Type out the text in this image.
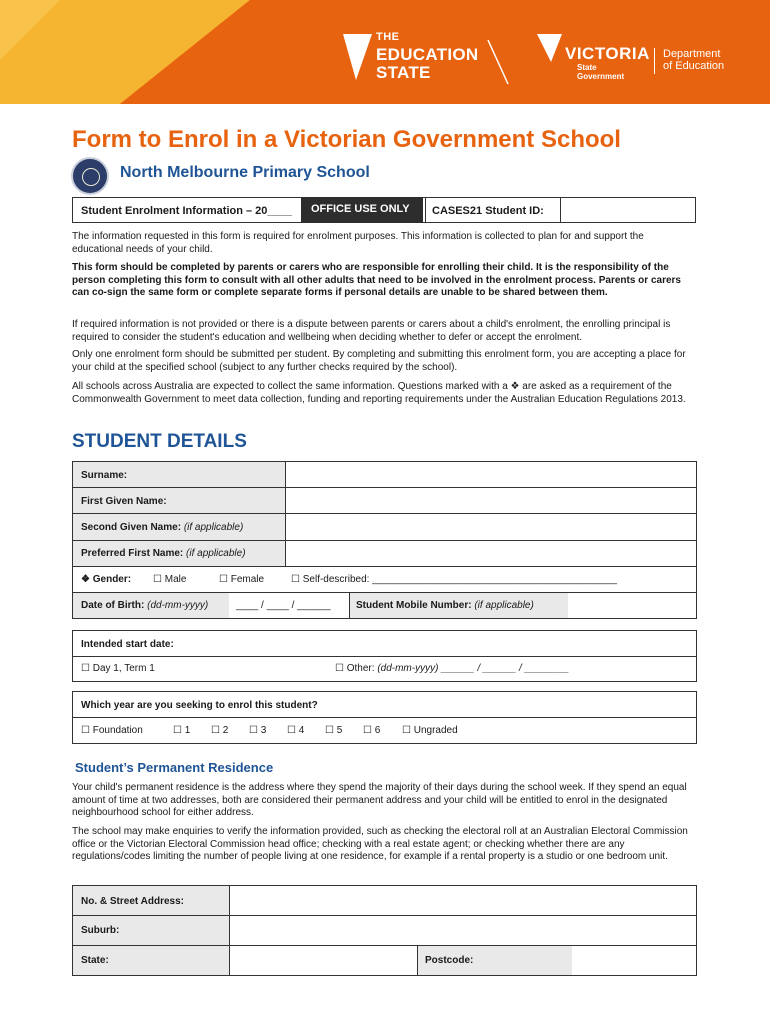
THE
EDUCATION
STATE
VICTORIA
State
Government
Department
of Education
Form to Enrol in a Victorian Government School
North Melbourne Primary School
Student Enrolment Information – 20____	OFFICE USE ONLY	CASES21 Student ID:

The information requested in this form is required for enrolment purposes. This information is collected to plan for and support the educational needs of your child.

This form should be completed by parents or carers who are responsible for enrolling their child. It is the responsibility of the person completing this form to consult with all other adults that need to be involved in the enrolment process. Parents or carers can co-sign the same form or complete separate forms if personal details are unable to be shared between them.

If required information is not provided or there is a dispute between parents or carers about a child's enrolment, the enrolling principal is required to consider the student's education and wellbeing when deciding whether to defer or accept the enrolment.

Only one enrolment form should be submitted per student. By completing and submitting this enrolment form, you are accepting a place for your child at the specified school (subject to any further checks required by the school).

All schools across Australia are expected to collect the same information. Questions marked with a ❖ are asked as a requirement of the Commonwealth Government to meet data collection, funding and reporting requirements under the Australian Education Regulations 2013.

STUDENT DETAILS
Surname:
First Given Name:
Second Given Name: (if applicable)
Preferred First Name: (if applicable)
❖ Gender: ☐ Male	☐ Female	☐ Self-described: ____________________________________________
Date of Birth: (dd-mm-yyyy)	____ / ____ / ______	Student Mobile Number: (if applicable)
Intended start date:
☐ Day 1, Term 1	☐ Other: (dd-mm-yyyy) ______ / ______ / ________
Which year are you seeking to enrol this student?
☐ Foundation	☐ 1 ☐ 2 ☐ 3 ☐ 4 ☐ 5 ☐ 6 ☐ Ungraded
Student’s Permanent Residence

Your child's permanent residence is the address where they spend the majority of their days during the school week. If they spend an equal amount of time at two addresses, both are considered their permanent address and your child will be entitled to enrol in the designated neighbourhood school for either address.

The school may make enquiries to verify the information provided, such as checking the electoral roll at an Australian Electoral Commission office or the Victorian Electoral Commission head office; checking with a real estate agent; or checking whether there are any regulations/codes limiting the number of people living at one residence, for example if a rental property is a studio or one bedroom unit.

No. & Street Address:
Suburb:
State:	Postcode:
